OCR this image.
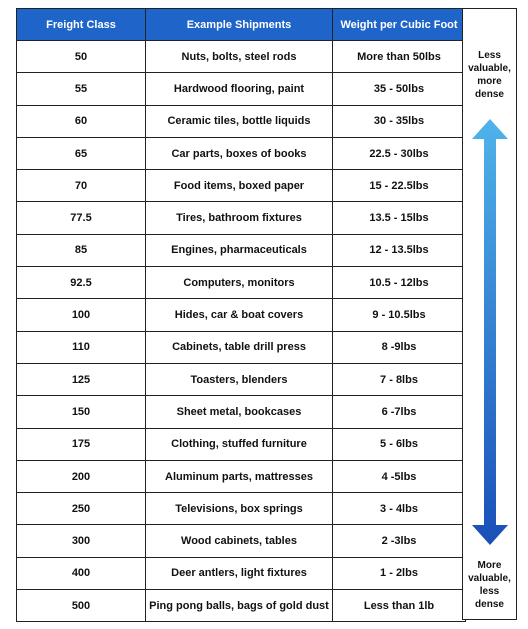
Freight Class	Example Shipments	Weight per Cubic Foot
50	Nuts, bolts, steel rods	More than 50lbs
55	Hardwood flooring, paint	35 - 50lbs
60	Ceramic tiles, bottle liquids	30 - 35lbs
65	Car parts, boxes of books	22.5 - 30lbs
70	Food items, boxed paper	15 - 22.5lbs
77.5	Tires, bathroom fixtures	13.5 - 15lbs
85	Engines, pharmaceuticals	12 - 13.5lbs
92.5	Computers, monitors	10.5 - 12lbs
100	Hides, car & boat covers	9 - 10.5lbs
110	Cabinets, table drill press	8 -9lbs
125	Toasters, blenders	7 - 8lbs
150	Sheet metal, bookcases	6 -7lbs
175	Clothing, stuffed furniture	5 - 6lbs
200	Aluminum parts, mattresses	4 -5lbs
250	Televisions, box springs	3 - 4lbs
300	Wood cabinets, tables	2 -3lbs
400	Deer antlers, light fixtures	1 - 2lbs
500	Ping pong balls, bags of gold dust	Less than 1lb
Less
valuable,
more
dense
More
valuable,
less
dense
